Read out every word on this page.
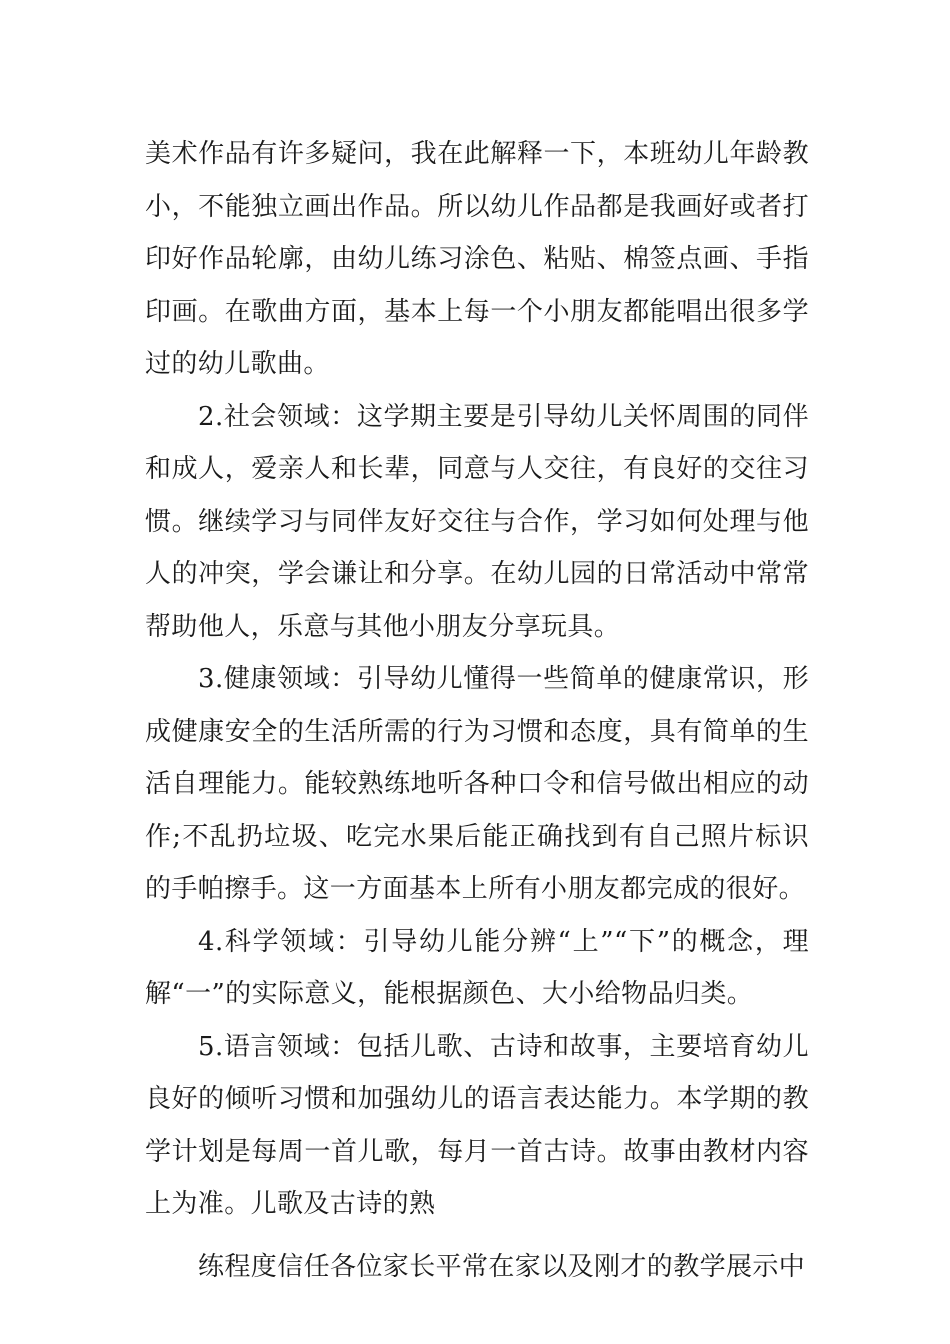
美术作品有许多疑问，我在此解释一下，本班幼儿年龄教小，不能独立画出作品。所以幼儿作品都是我画好或者打印好作品轮廓，由幼儿练习涂色、粘贴、棉签点画、手指印画。在歌曲方面，基本上每一个小朋友都能唱出很多学过的幼儿歌曲。

2.社会领域：这学期主要是引导幼儿关怀周围的同伴和成人，爱亲人和长辈，同意与人交往，有良好的交往习惯。继续学习与同伴友好交往与合作，学习如何处理与他人的冲突，学会谦让和分享。在幼儿园的日常活动中常常帮助他人，乐意与其他小朋友分享玩具。

3.健康领域：引导幼儿懂得一些简单的健康常识，形成健康安全的生活所需的行为习惯和态度，具有简单的生活自理能力。能较熟练地听各种口令和信号做出相应的动作;不乱扔垃圾、吃完水果后能正确找到有自己照片标识的手帕擦手。这一方面基本上所有小朋友都完成的很好。

4.科学领域：引导幼儿能分辨“上”“下”的概念，理解“一”的实际意义，能根据颜色、大小给物品归类。

5.语言领域：包括儿歌、古诗和故事，主要培育幼儿良好的倾听习惯和加强幼儿的语言表达能力。本学期的教学计划是每周一首儿歌，每月一首古诗。故事由教材内容上为准。儿歌及古诗的熟

练程度信任各位家长平常在家以及刚才的教学展示中
